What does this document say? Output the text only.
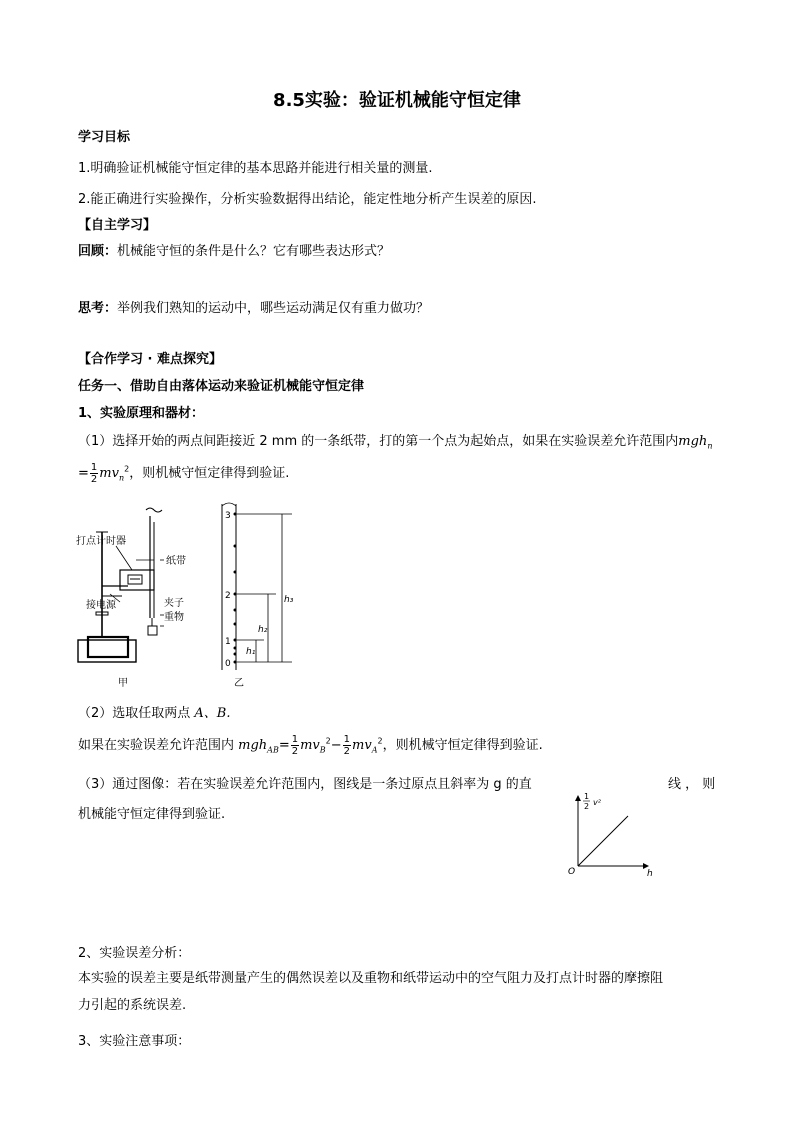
8.5实验：验证机械能守恒定律
学习目标
1.明确验证机械能守恒定律的基本思路并能进行相关量的测量.
2.能正确进行实验操作，分析实验数据得出结论，能定性地分析产生误差的原因.
【自主学习】
回顾：机械能守恒的条件是什么？它有哪些表达形式？
思考：举例我们熟知的运动中，哪些运动满足仅有重力做功？
【合作学习 · 难点探究】
任务一、借助自由落体运动来验证机械能守恒定律
1、实验原理和器材：
（1）选择开始的两点间距接近 2 mm 的一条纸带，打的第一个点为起始点，如果在实验误差允许范围内mgh$_n$
= $\frac{1}{2} mv_n^2$，则机械守恒定律得到验证.
打点计时器
纸带
接电源	夹子
重物
甲
3
2
1
0
h₃
h₂
h₁
乙
（2）选取任取两点 A、B.
如果在实验误差允许范围内 $mgh_{AB}= \frac{1}{2} mv_B^2- \frac{1}{2} mv_A^2$，则机械守恒定律得到验证.
（3）通过图像：若在实验误差允许范围内，图线是一条过原点且斜率为 g 的直	线 ， 则
机械能守恒定律得到验证.
1
2 v²
O	h
2、实验误差分析：
本实验的误差主要是纸带测量产生的偶然误差以及重物和纸带运动中的空气阻力及打点计时器的摩擦阻
力引起的系统误差.
3、实验注意事项：
